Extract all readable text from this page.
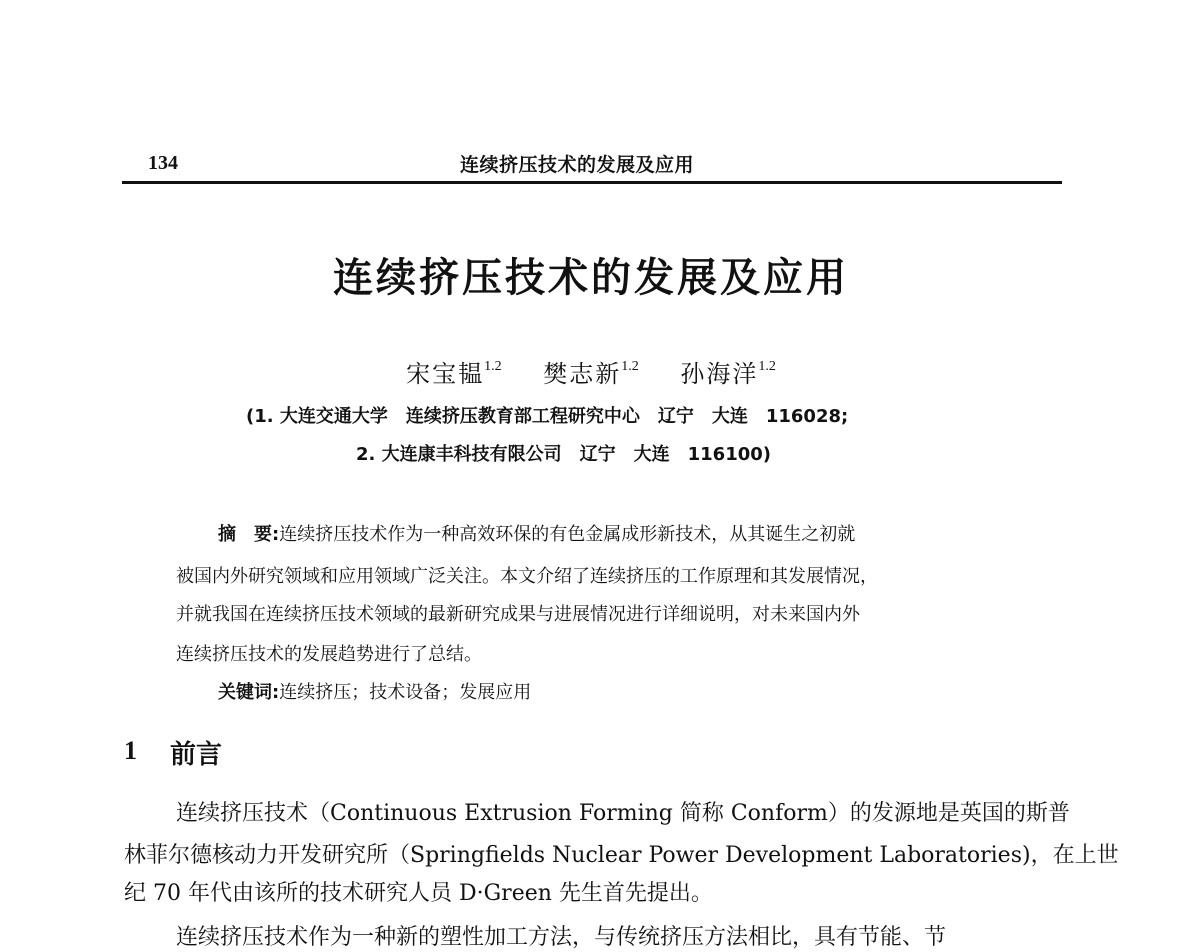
134	连续挤压技术的发展及应用
连续挤压技术的发展及应用
宋宝韫$^{1.2}$ 樊志新$^{1.2}$ 孙海洋$^{1.2}$
(1. 大连交通大学　连续挤压教育部工程研究中心　辽宁　大连　116028;
2. 大连康丰科技有限公司　辽宁　大连　116100)
摘　要:连续挤压技术作为一种高效环保的有色金属成形新技术，从其诞生之初就
被国内外研究领域和应用领域广泛关注。本文介绍了连续挤压的工作原理和其发展情况，
并就我国在连续挤压技术领域的最新研究成果与进展情况进行详细说明，对未来国内外
连续挤压技术的发展趋势进行了总结。
关键词:连续挤压；技术设备；发展应用
1 前言
连续挤压技术（Continuous Extrusion Forming 简称 Conform）的发源地是英国的斯普
林菲尔德核动力开发研究所（Springfields Nuclear Power Development Laboratories)，在上世
纪 70 年代由该所的技术研究人员 D·Green 先生首先提出。
连续挤压技术作为一种新的塑性加工方法，与传统挤压方法相比，具有节能、节
